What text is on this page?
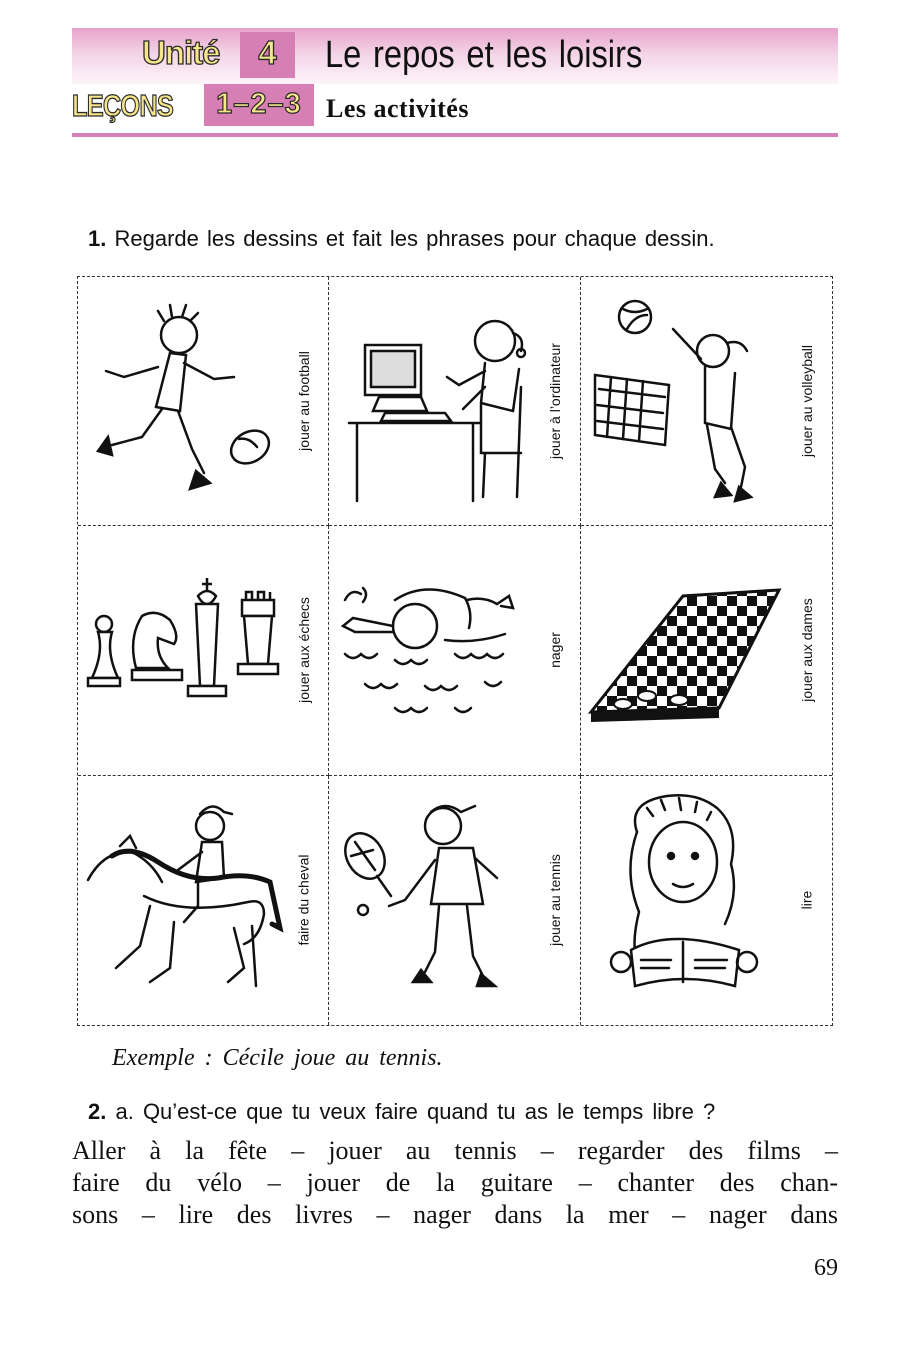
Unité	4	Le repos et les loisirs
LEÇONS	1–2–3 Les activités
1. Regarde les dessins et fait les phrases pour chaque dessin.
jouer au football	jouer à l’ordinateur	jouer au volleyball
jouer aux échecs	nager	jouer aux dames
faire du cheval	jouer au tennis	lire
Exemple : Cécile joue au tennis.
2. a. Qu’est-ce que tu veux faire quand tu as le temps libre ?
Aller à la fête – jouer au tennis – regarder des films –
faire du vélo – jouer de la guitare – chanter des chan-
sons – lire des livres – nager dans la mer – nager dans
69
